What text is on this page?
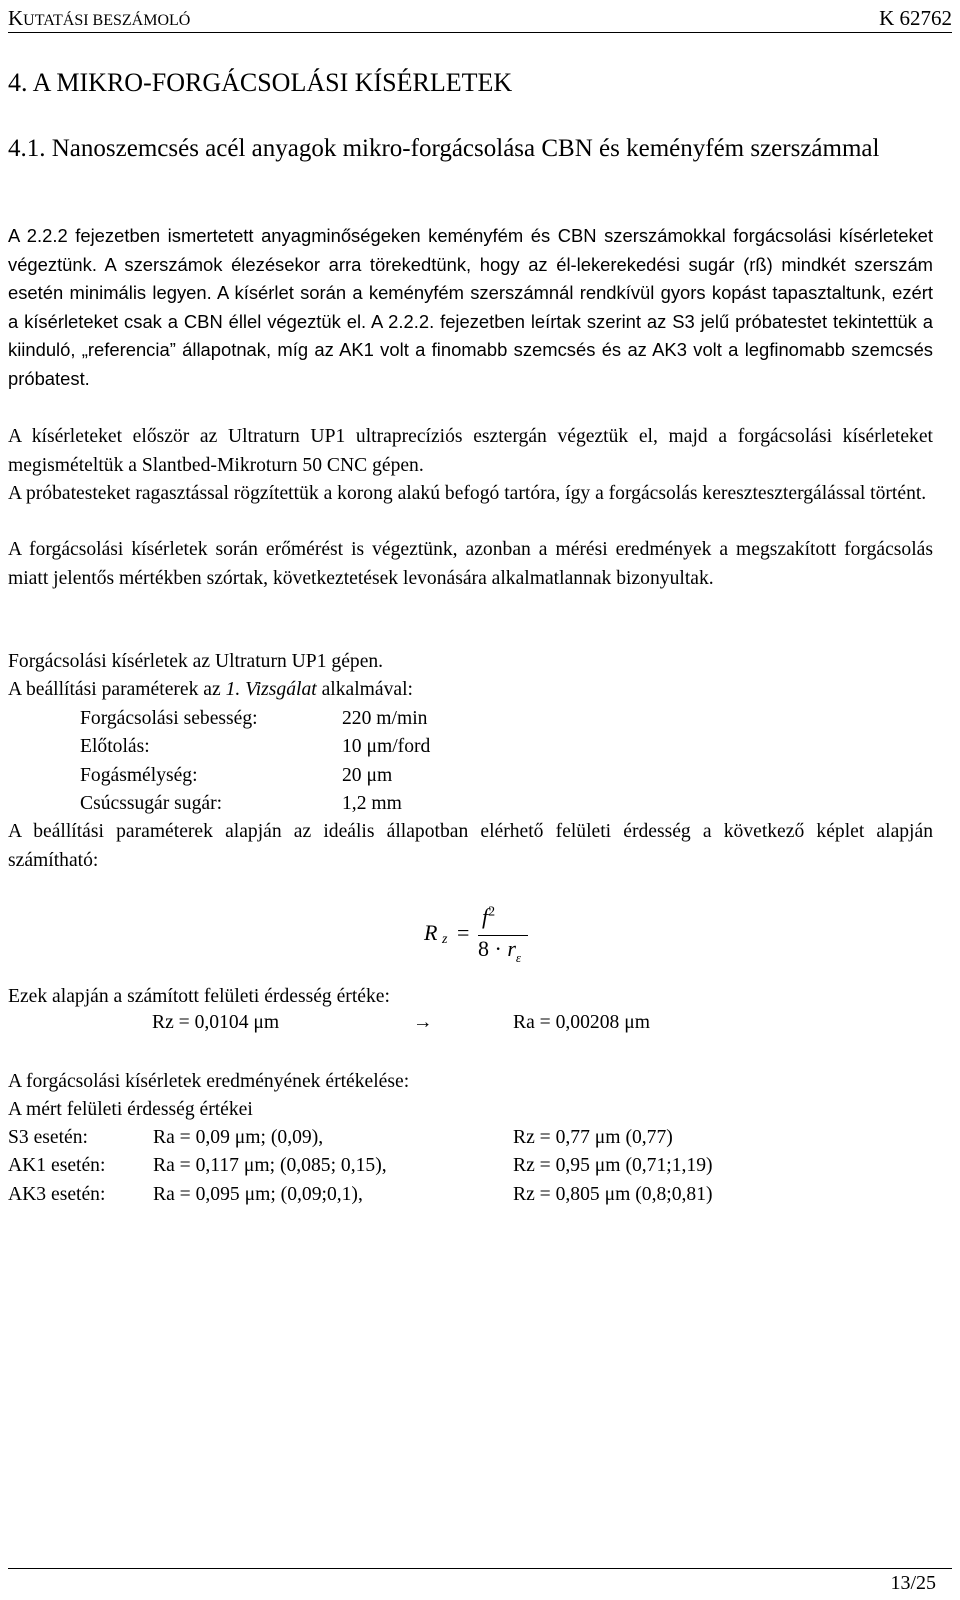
KUTATÁSI BESZÁMOLÓ	K 62762
4. A MIKRO-FORGÁCSOLÁSI KÍSÉRLETEK
4.1. Nanoszemcsés acél anyagok mikro-forgácsolása CBN és keményfém szerszámmal
A 2.2.2 fejezetben ismertetett anyagminőségeken keményfém és CBN szerszámokkal forgácsolási kísérleteket végeztünk. A szerszámok élezésekor arra törekedtünk, hogy az él-lekerekedési sugár (rß) mindkét szerszám esetén minimális legyen. A kísérlet során a keményfém szerszámnál rendkívül gyors kopást tapasztaltunk, ezért a kísérleteket csak a CBN éllel végeztük el. A 2.2.2. fejezetben leírtak szerint az S3 jelű próbatestet tekintettük a kiinduló, „referencia” állapotnak, míg az AK1 volt a finomabb szemcsés és az AK3 volt a legfinomabb szemcsés próbatest.
A kísérleteket először az Ultraturn UP1 ultraprecíziós esztergán végeztük el, majd a forgácsolási kísérleteket megismételtük a Slantbed-Mikroturn 50 CNC gépen.
A próbatesteket ragasztással rögzítettük a korong alakú befogó tartóra, így a forgácsolás keresztesztergálással történt.
A forgácsolási kísérletek során erőmérést is végeztünk, azonban a mérési eredmények a megszakított forgácsolás miatt jelentős mértékben szórtak, következtetések levonására alkalmatlannak bizonyultak.
Forgácsolási kísérletek az Ultraturn UP1 gépen.
A beállítási paraméterek az 1. Vizsgálat alkalmával:
Forgácsolási sebesség:	220 m/min
Előtolás:	10 μm/ford
Fogásmélység:	20 μm
Csúcssugár sugár:	1,2 mm
A beállítási paraméterek alapján az ideális állapotban elérhető felületi érdesség a következő képlet alapján számítható:
R z =
$f^2$
$8 \cdot r_\varepsilon$
Ezek alapján a számított felületi érdesség értéke:
Rz = 0,0104 μm	→	Ra = 0,00208 μm
A forgácsolási kísérletek eredményének értékelése:
A mért felületi érdesség értékei
S3 esetén:	Ra = 0,09 μm; (0,09),	Rz = 0,77 μm (0,77)
AK1 esetén: Ra = 0,117 μm; (0,085; 0,15),	Rz = 0,95 μm (0,71;1,19)
AK3 esetén: Ra = 0,095 μm; (0,09;0,1),	Rz = 0,805 μm (0,8;0,81)
13/25
